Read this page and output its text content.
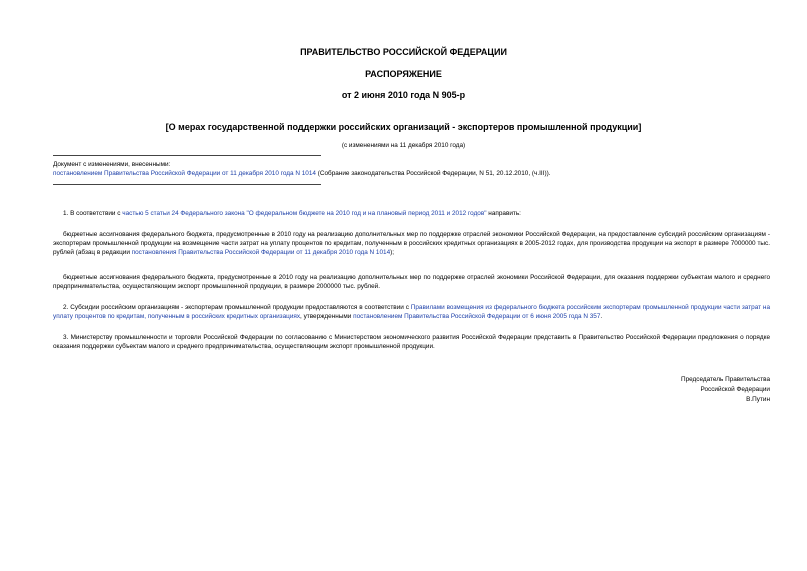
ПРАВИТЕЛЬСТВО РОССИЙСКОЙ ФЕДЕРАЦИИ
РАСПОРЯЖЕНИЕ
от 2 июня 2010 года N 905-р
[О мерах государственной поддержки российских организаций - экспортеров промышленной продукции]
(с изменениями на 11 декабря 2010 года)
Документ с изменениями, внесенными:
постановлением Правительства Российской Федерации от 11 декабря 2010 года N 1014 (Собрание законодательства Российской Федерации, N 51, 20.12.2010, (ч.III)).
1. В соответствии с частью 5 статьи 24 Федерального закона "О федеральном бюджете на 2010 год и на плановый период 2011 и 2012 годов" направить:
бюджетные ассигнования федерального бюджета, предусмотренные в 2010 году на реализацию дополнительных мер по поддержке отраслей экономики Российской Федерации, на предоставление субсидий российским организациям - экспортерам промышленной продукции на возмещение части затрат на уплату процентов по кредитам, полученным в российских кредитных организациях в 2005-2012 годах, для производства продукции на экспорт в размере 7000000 тыс. рублей (абзац в редакции постановления Правительства Российской Федерации от 11 декабря 2010 года N 1014);
бюджетные ассигнования федерального бюджета, предусмотренные в 2010 году на реализацию дополнительных мер по поддержке отраслей экономики Российской Федерации, для оказания поддержки субъектам малого и среднего предпринимательства, осуществляющим экспорт промышленной продукции, в размере 2000000 тыс. рублей.
2. Субсидии российским организациям - экспортерам промышленной продукции предоставляются в соответствии с Правилами возмещения из федерального бюджета российским экспортерам промышленной продукции части затрат на уплату процентов по кредитам, полученным в российских кредитных организациях, утвержденными постановлением Правительства Российской Федерации от 6 июня 2005 года N 357.
3. Министерству промышленности и торговли Российской Федерации по согласованию с Министерством экономического развития Российской Федерации представить в Правительство Российской Федерации предложения о порядке оказания поддержки субъектам малого и среднего предпринимательства, осуществляющим экспорт промышленной продукции.
Председатель Правительства
Российской Федерации
В.Путин
